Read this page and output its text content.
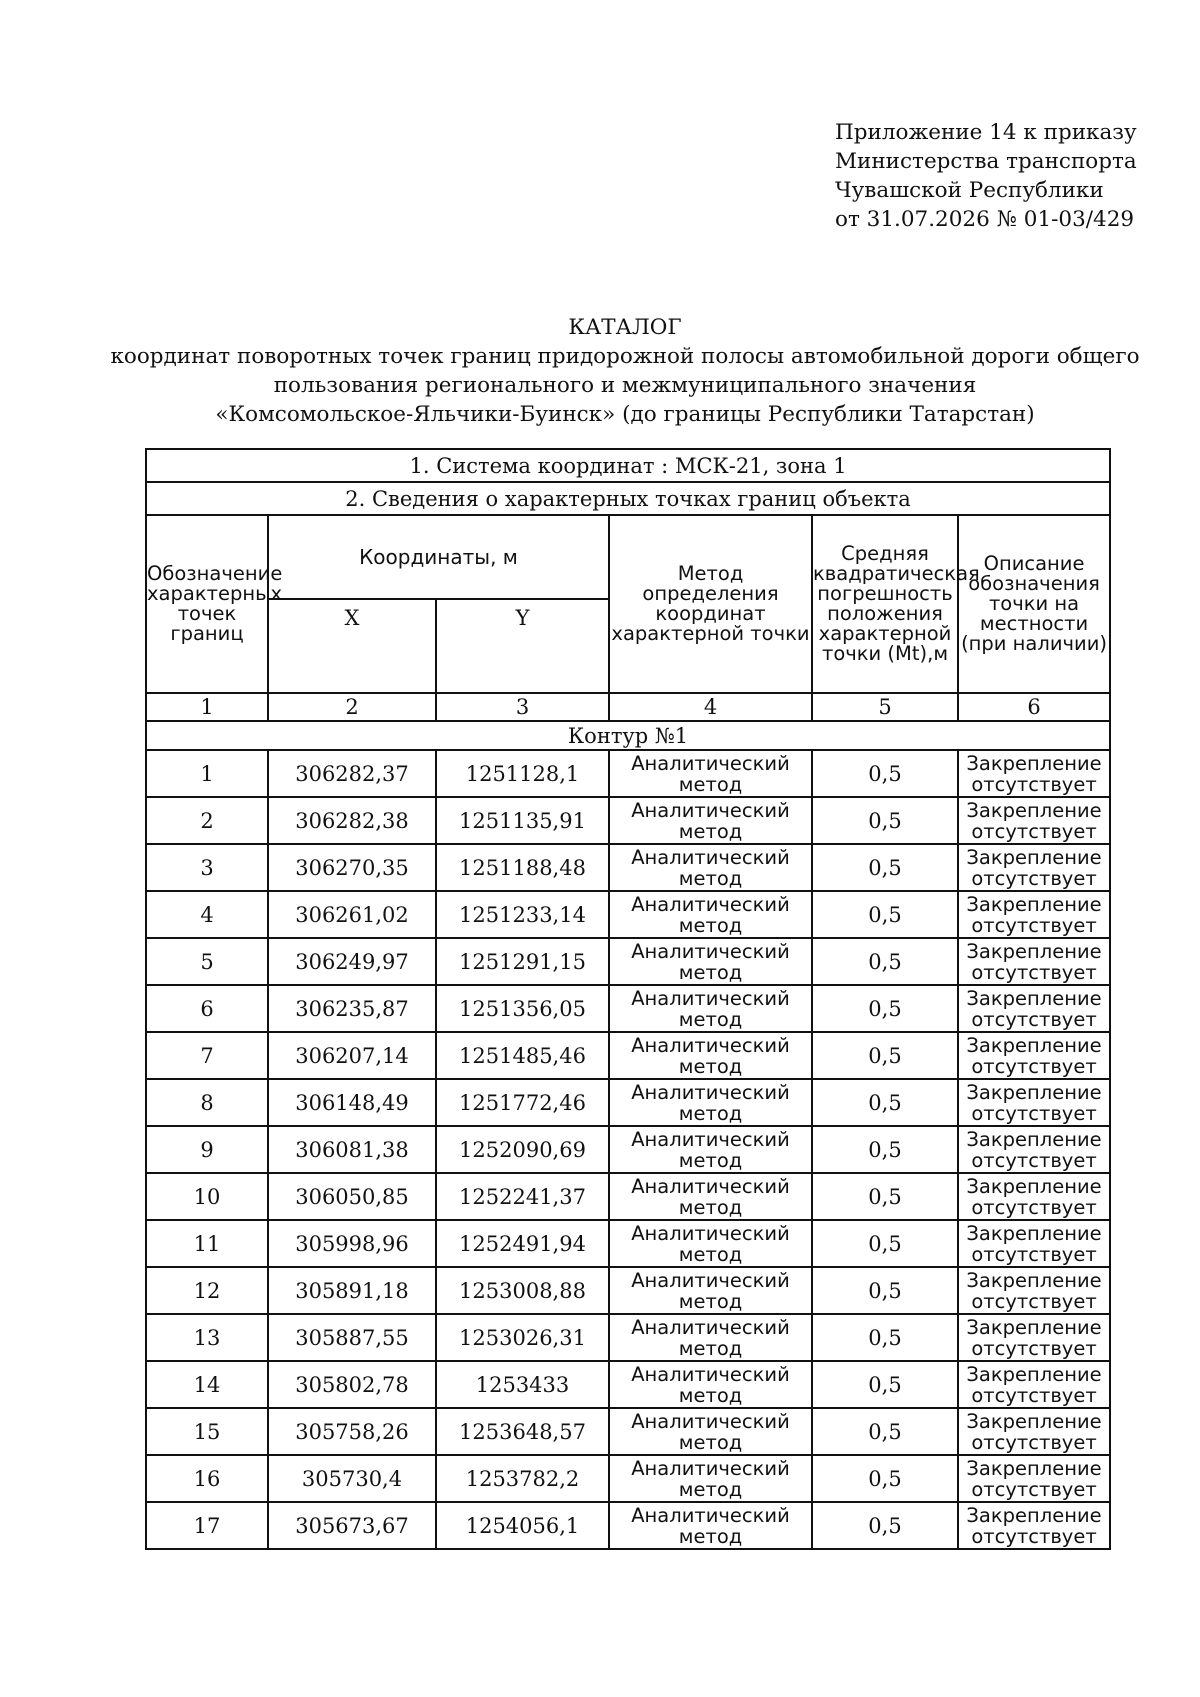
Приложение 14 к приказу
Министерства транспорта
Чувашской Республики
от 31.07.2026 № 01-03/429
КАТАЛОГ
координат поворотных точек границ придорожной полосы автомобильной дороги общего
пользования регионального и межмуниципального значения
«Комсомольское-Яльчики-Буинск» (до границы Республики Татарстан)
1. Система координат : МСК-21, зона 1					
2. Сведения о характерных точках границ объекта					
Обозначение характерных точек границ	Координаты, м		Метод определения координат характерной точки	Средняя квадратическая погрешность положения характерной точки (Mt),м	Описание обозначения точки на местности (при наличии)
	X	Y			
1	2	3	4	5	6
Контур №1					
1	306282,37	1251128,1	Аналитический метод	0,5	Закрепление отсутствует
2	306282,38	1251135,91	Аналитический метод	0,5	Закрепление отсутствует
3	306270,35	1251188,48	Аналитический метод	0,5	Закрепление отсутствует
4	306261,02	1251233,14	Аналитический метод	0,5	Закрепление отсутствует
5	306249,97	1251291,15	Аналитический метод	0,5	Закрепление отсутствует
6	306235,87	1251356,05	Аналитический метод	0,5	Закрепление отсутствует
7	306207,14	1251485,46	Аналитический метод	0,5	Закрепление отсутствует
8	306148,49	1251772,46	Аналитический метод	0,5	Закрепление отсутствует
9	306081,38	1252090,69	Аналитический метод	0,5	Закрепление отсутствует
10	306050,85	1252241,37	Аналитический метод	0,5	Закрепление отсутствует
11	305998,96	1252491,94	Аналитический метод	0,5	Закрепление отсутствует
12	305891,18	1253008,88	Аналитический метод	0,5	Закрепление отсутствует
13	305887,55	1253026,31	Аналитический метод	0,5	Закрепление отсутствует
14	305802,78	1253433	Аналитический метод	0,5	Закрепление отсутствует
15	305758,26	1253648,57	Аналитический метод	0,5	Закрепление отсутствует
16	305730,4	1253782,2	Аналитический метод	0,5	Закрепление отсутствует
17	305673,67	1254056,1	Аналитический метод	0,5	Закрепление отсутствует
